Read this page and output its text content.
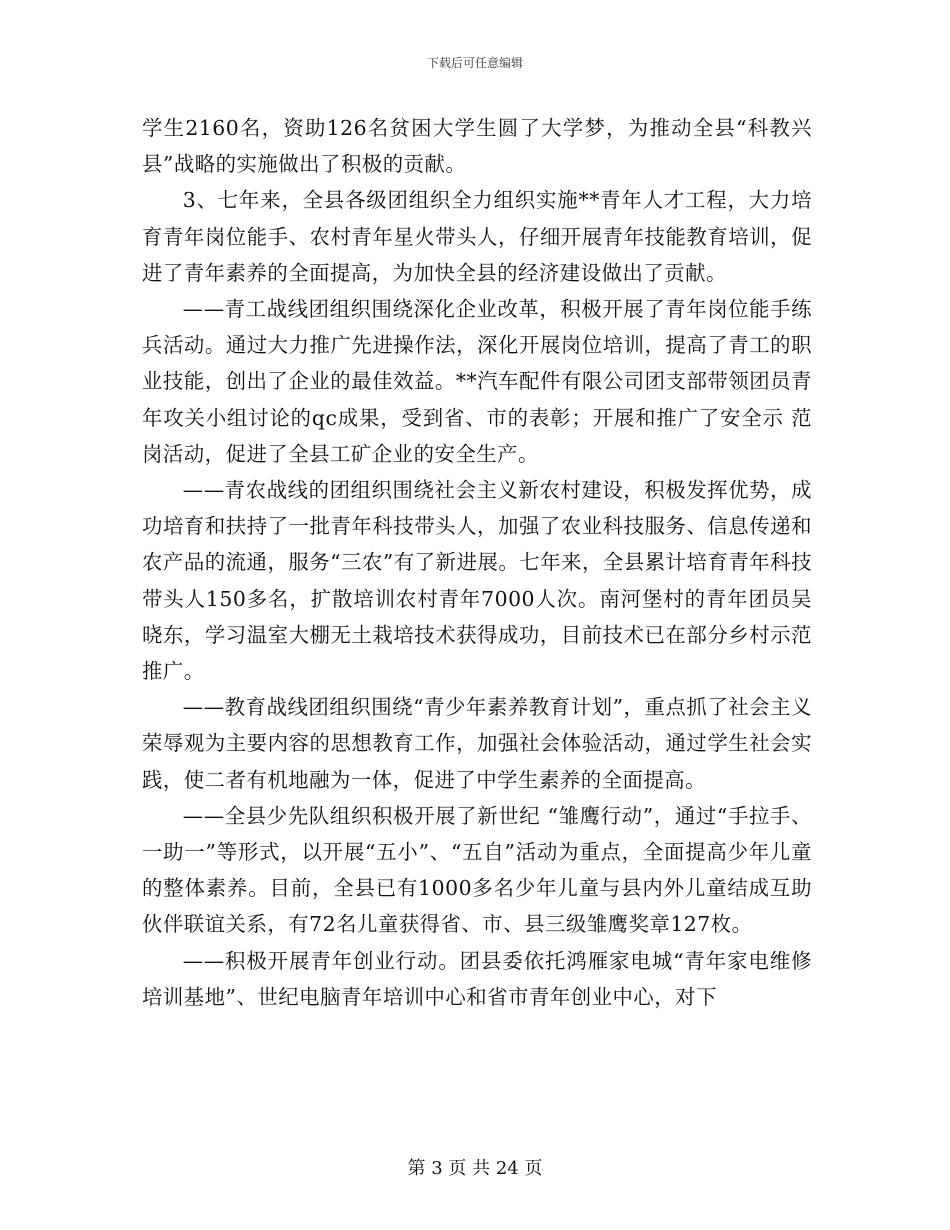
下载后可任意编辑

学生2160名，资助126名贫困大学生圆了大学梦，为推动全县“科教兴县”战略的实施做出了积极的贡献。

3、七年来，全县各级团组织全力组织实施**青年人才工程，大力培育青年岗位能手、农村青年星火带头人，仔细开展青年技能教育培训，促进了青年素养的全面提高，为加快全县的经济建设做出了贡献。

——青工战线团组织围绕深化企业改革，积极开展了青年岗位能手练兵活动。通过大力推广先进操作法，深化开展岗位培训，提高了青工的职业技能，创出了企业的最佳效益。**汽车配件有限公司团支部带领团员青年攻关小组讨论的qc成果，受到省、市的表彰；开展和推广了安全示 范岗活动，促进了全县工矿企业的安全生产。

——青农战线的团组织围绕社会主义新农村建设，积极发挥优势，成功培育和扶持了一批青年科技带头人，加强了农业科技服务、信息传递和农产品的流通，服务“三农”有了新进展。七年来，全县累计培育青年科技带头人150多名，扩散培训农村青年7000人次。南河堡村的青年团员吴晓东，学习温室大棚无土栽培技术获得成功，目前技术已在部分乡村示范推广。

——教育战线团组织围绕“青少年素养教育计划”，重点抓了社会主义荣辱观为主要内容的思想教育工作，加强社会体验活动，通过学生社会实践，使二者有机地融为一体，促进了中学生素养的全面提高。

——全县少先队组织积极开展了新世纪 “雏鹰行动”，通过“手拉手、一助一”等形式，以开展“五小”、“五自”活动为重点，全面提高少年儿童的整体素养。目前，全县已有1000多名少年儿童与县内外儿童结成互助伙伴联谊关系，有72名儿童获得省、市、县三级雏鹰奖章127枚。

——积极开展青年创业行动。团县委依托鸿雁家电城“青年家电维修培训基地”、世纪电脑青年培训中心和省市青年创业中心，对下

第 3 页 共 24 页
